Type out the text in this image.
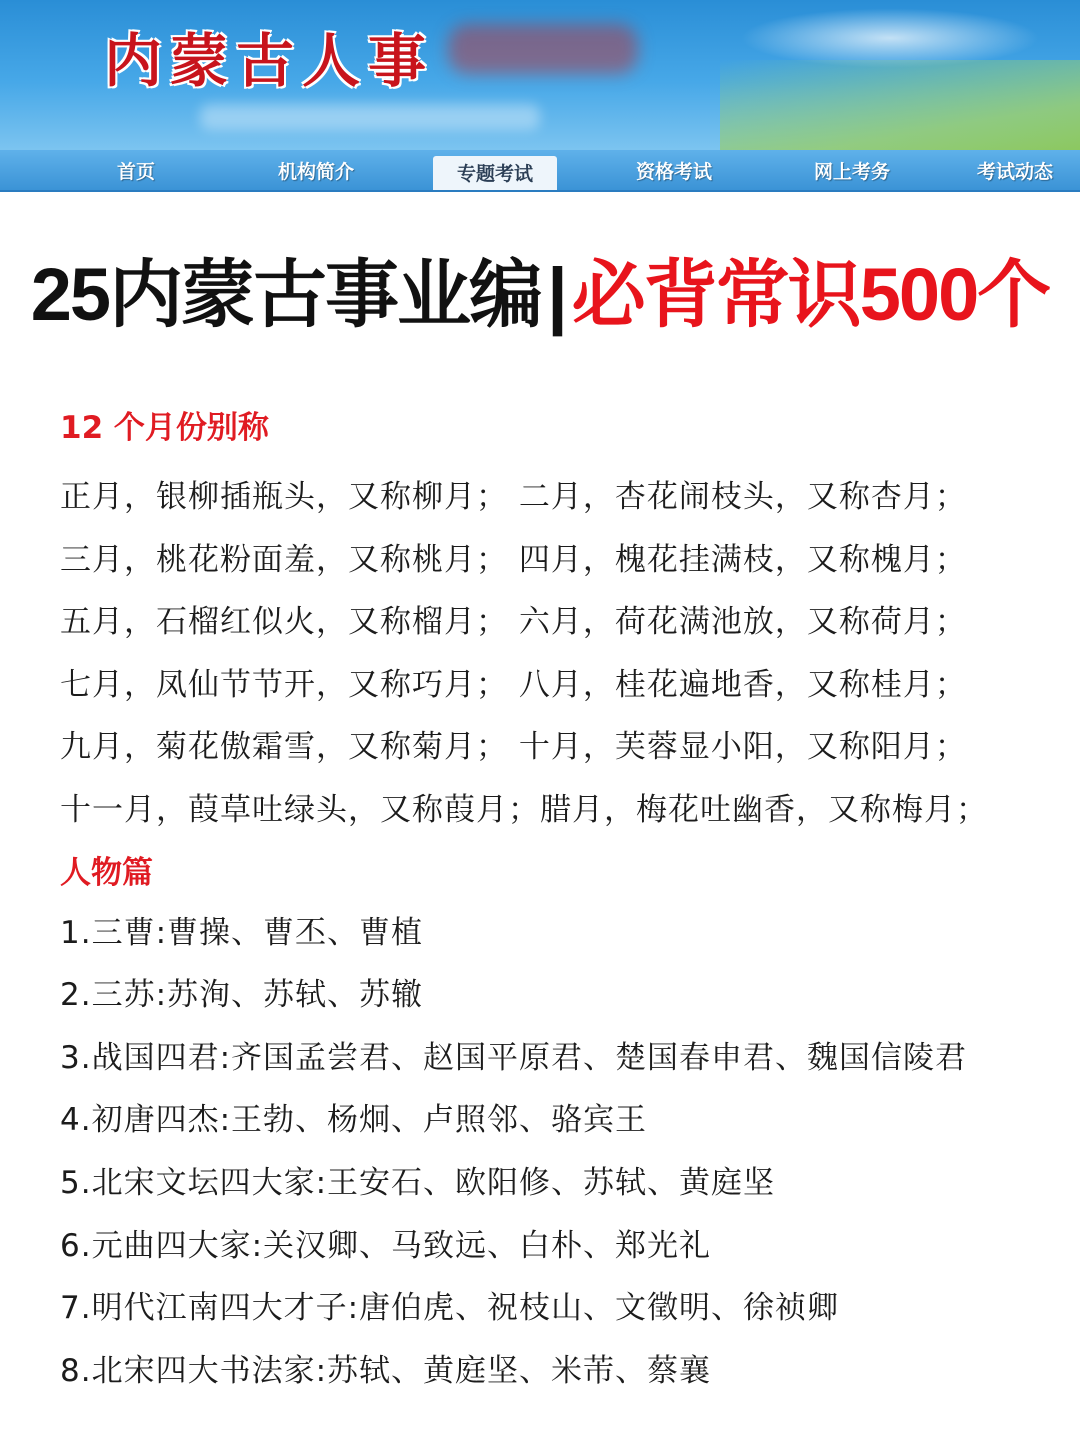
内蒙古人事
首页	机构简介	专题考试	资格考试	网上考务	考试动态
25内蒙古事业编|必背常识500个
12 个月份别称
正月，银柳插瓶头，又称柳月； 二月，杏花闹枝头，又称杏月；
三月，桃花粉面羞，又称桃月； 四月，槐花挂满枝，又称槐月；
五月，石榴红似火，又称榴月； 六月，荷花满池放，又称荷月；
七月，凤仙节节开，又称巧月； 八月，桂花遍地香，又称桂月；
九月，菊花傲霜雪，又称菊月； 十月，芙蓉显小阳，又称阳月；
十一月，葭草吐绿头，又称葭月；腊月，梅花吐幽香，又称梅月；
人物篇
1.三曹:曹操、曹丕、曹植
2.三苏:苏洵、苏轼、苏辙
3.战国四君:齐国孟尝君、赵国平原君、楚国春申君、魏国信陵君
4.初唐四杰:王勃、杨炯、卢照邻、骆宾王
5.北宋文坛四大家:王安石、欧阳修、苏轼、黄庭坚
6.元曲四大家:关汉卿、马致远、白朴、郑光礼
7.明代江南四大才子:唐伯虎、祝枝山、文徵明、徐祯卿
8.北宋四大书法家:苏轼、黄庭坚、米芾、蔡襄
